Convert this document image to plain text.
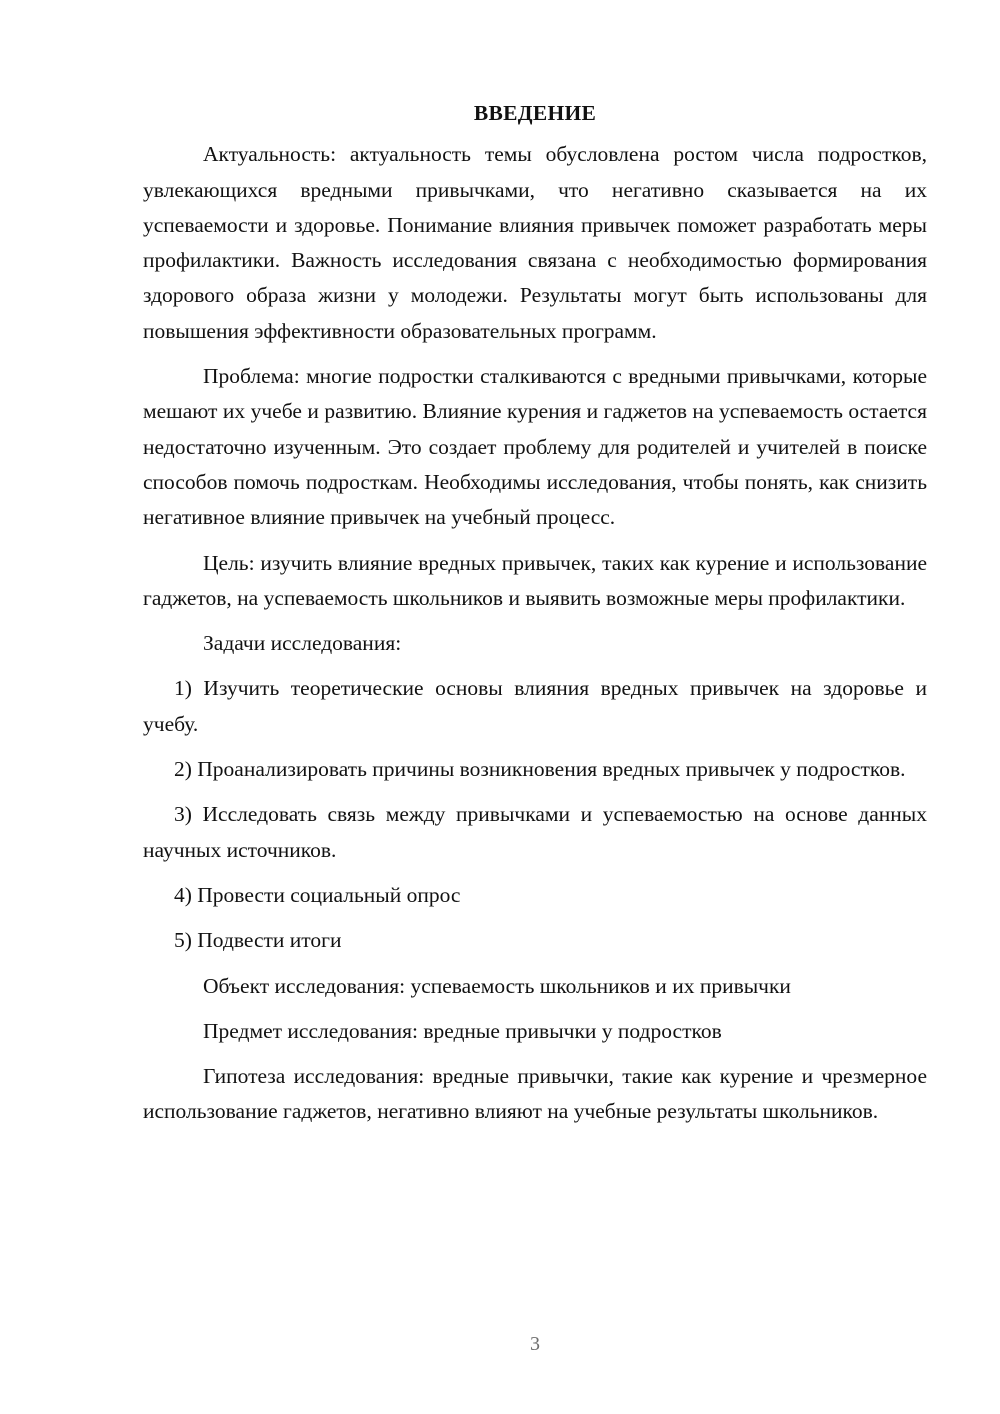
ВВЕДЕНИЕ

Актуальность: актуальность темы обусловлена ростом числа подростков, увлекающихся вредными привычками, что негативно сказывается на их успеваемости и здоровье. Понимание влияния привычек поможет разработать меры профилактики. Важность исследования связана с необходимостью формирования здорового образа жизни у молодежи. Результаты могут быть использованы для повышения эффективности образовательных программ.

Проблема: многие подростки сталкиваются с вредными привычками, которые мешают их учебе и развитию. Влияние курения и гаджетов на успеваемость остается недостаточно изученным. Это создает проблему для родителей и учителей в поиске способов помочь подросткам. Необходимы исследования, чтобы понять, как снизить негативное влияние привычек на учебный процесс.

Цель: изучить влияние вредных привычек, таких как курение и использование гаджетов, на успеваемость школьников и выявить возможные меры профилактики.

Задачи исследования:

1) Изучить теоретические основы влияния вредных привычек на здоровье и учебу.

2) Проанализировать причины возникновения вредных привычек у подростков.

3) Исследовать связь между привычками и успеваемостью на основе данных научных источников.

4) Провести социальный опрос

5) Подвести итоги

Объект исследования: успеваемость школьников и их привычки

Предмет исследования: вредные привычки у подростков

Гипотеза исследования: вредные привычки, такие как курение и чрезмерное использование гаджетов, негативно влияют на учебные результаты школьников.

3
